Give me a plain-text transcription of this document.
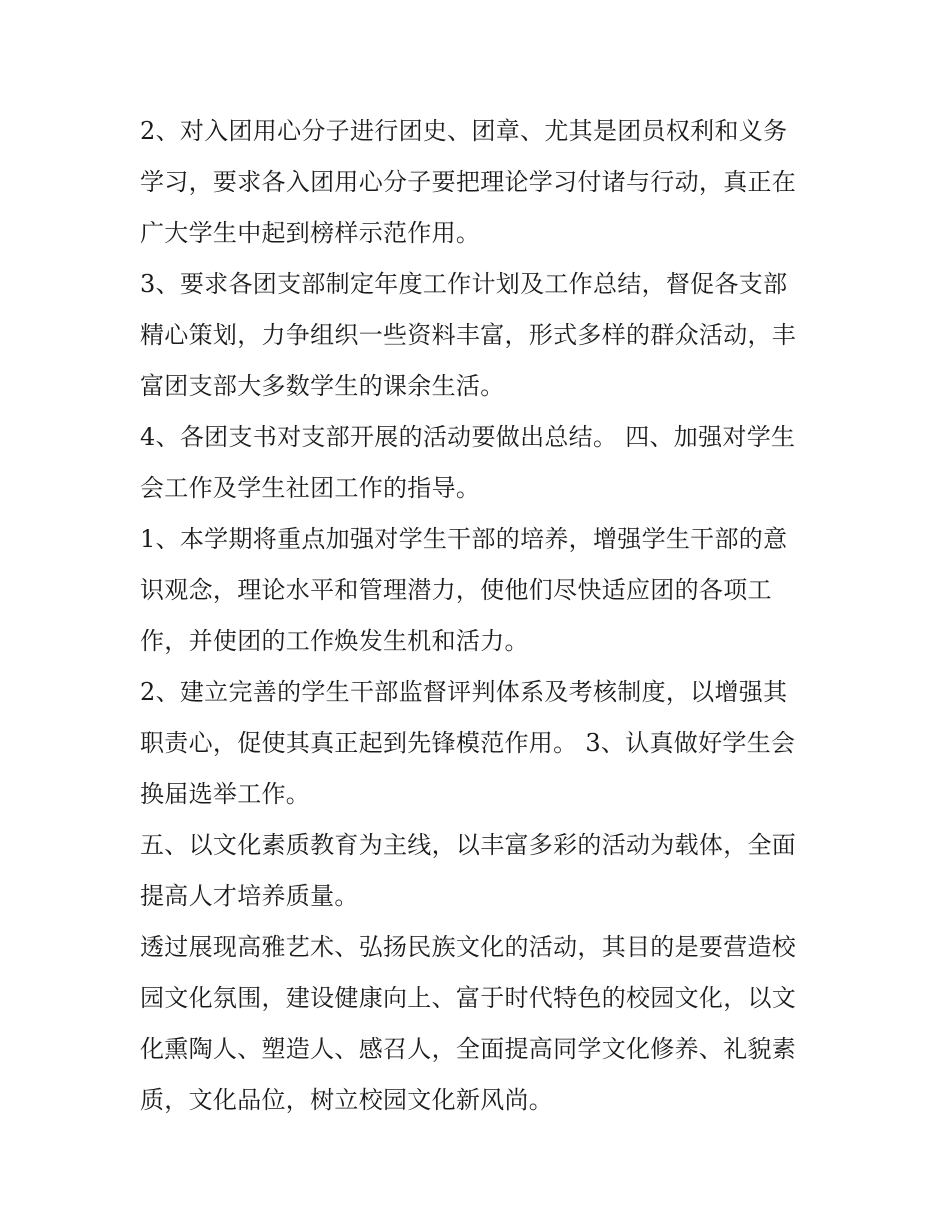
2、对入团用心分子进行团史、团章、尤其是团员权利和义务
学习，要求各入团用心分子要把理论学习付诸与行动，真正在
广大学生中起到榜样示范作用。
3、要求各团支部制定年度工作计划及工作总结，督促各支部
精心策划，力争组织一些资料丰富，形式多样的群众活动，丰
富团支部大多数学生的课余生活。
4、各团支书对支部开展的活动要做出总结。 四、加强对学生
会工作及学生社团工作的指导。
1、本学期将重点加强对学生干部的培养，增强学生干部的意
识观念，理论水平和管理潜力，使他们尽快适应团的各项工
作，并使团的工作焕发生机和活力。
2、建立完善的学生干部监督评判体系及考核制度，以增强其
职责心，促使其真正起到先锋模范作用。 3、认真做好学生会
换届选举工作。
五、以文化素质教育为主线，以丰富多彩的活动为载体，全面
提高人才培养质量。
透过展现高雅艺术、弘扬民族文化的活动，其目的是要营造校
园文化氛围，建设健康向上、富于时代特色的校园文化，以文
化熏陶人、塑造人、感召人，全面提高同学文化修养、礼貌素
质，文化品位，树立校园文化新风尚。
